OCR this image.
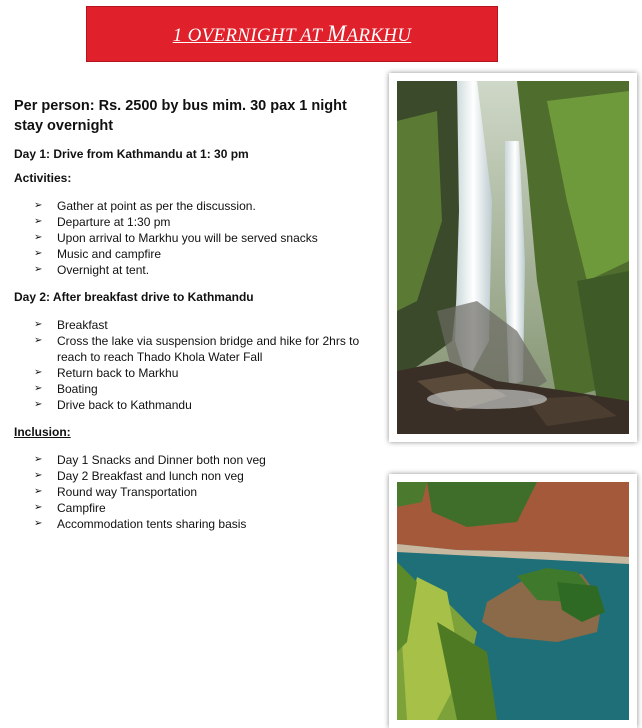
1 OVERNIGHT AT MARKHU

Per person: Rs. 2500 by bus mim. 30 pax 1 night stay overnight

Day 1: Drive from Kathmandu at 1: 30 pm

Activities:

➢	Gather at point as per the discussion.
➢	Departure at 1:30 pm
➢	Upon arrival to Markhu you will be served snacks
➢	Music and campfire
➢	Overnight at tent.

Day 2: After breakfast drive to Kathmandu

➢	Breakfast
➢	Cross the lake via suspension bridge and hike for 2hrs to reach to reach Thado Khola Water Fall
➢	Return back to Markhu
➢	Boating
➢	Drive back to Kathmandu

Inclusion:

➢	Day 1 Snacks and Dinner both non veg
➢	Day 2 Breakfast and lunch non veg
➢	Round way Transportation
➢	Campfire
➢	Accommodation tents sharing basis
